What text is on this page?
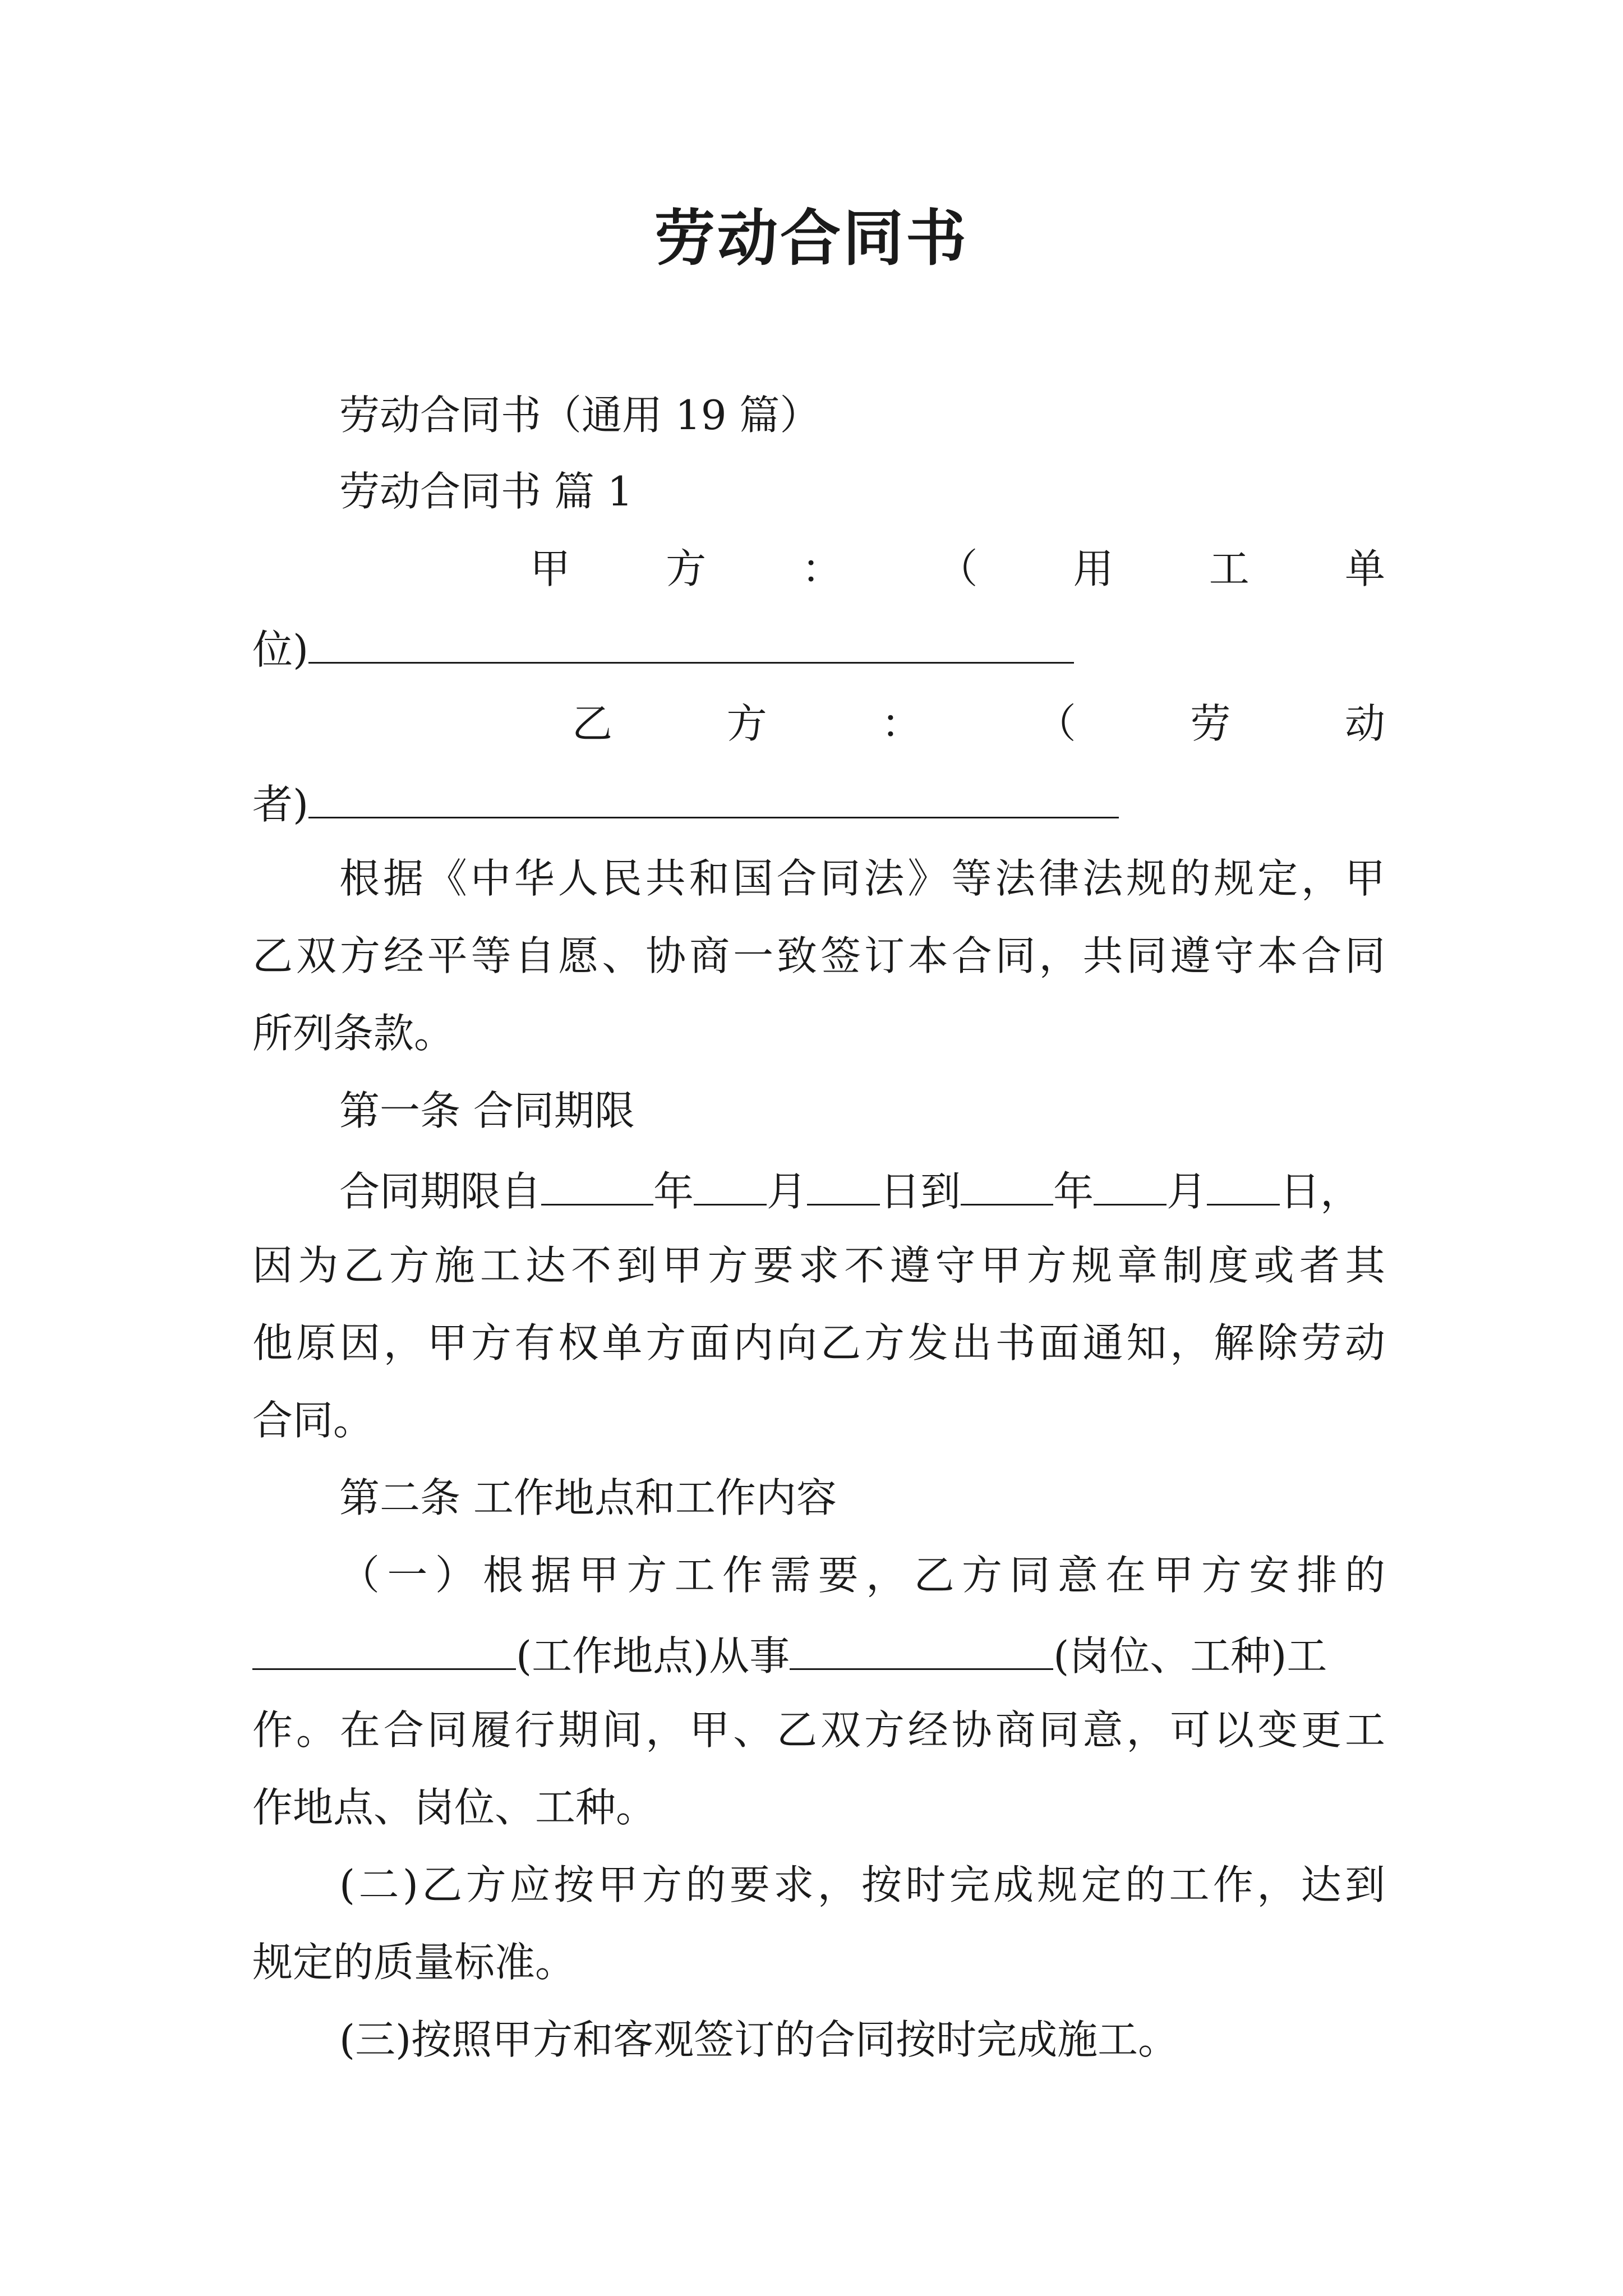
劳动合同书
劳动合同书（通用 19 篇）
劳动合同书 篇 1
甲 方 ： （ 用 工 单
位)
乙	方	：	（	劳	动
者)
根据《中华人民共和国合同法》等法律法规的规定，甲
乙双方经平等自愿、协商一致签订本合同，共同遵守本合同
所列条款。
第一条 合同期限
合同期限自	年 月 日到 年 月 日，
因为乙方施工达不到甲方要求不遵守甲方规章制度或者其
他原因，甲方有权单方面内向乙方发出书面通知，解除劳动
合同。
第二条 工作地点和工作内容
（一）根据甲方工作需要，乙方同意在甲方安排的
(工作地点)从事	(岗位、工种)工
作。在合同履行期间，甲、乙双方经协商同意，可以变更工
作地点、岗位、工种。
(二)乙方应按甲方的要求，按时完成规定的工作，达到
规定的质量标准。
(三)按照甲方和客观签订的合同按时完成施工。
